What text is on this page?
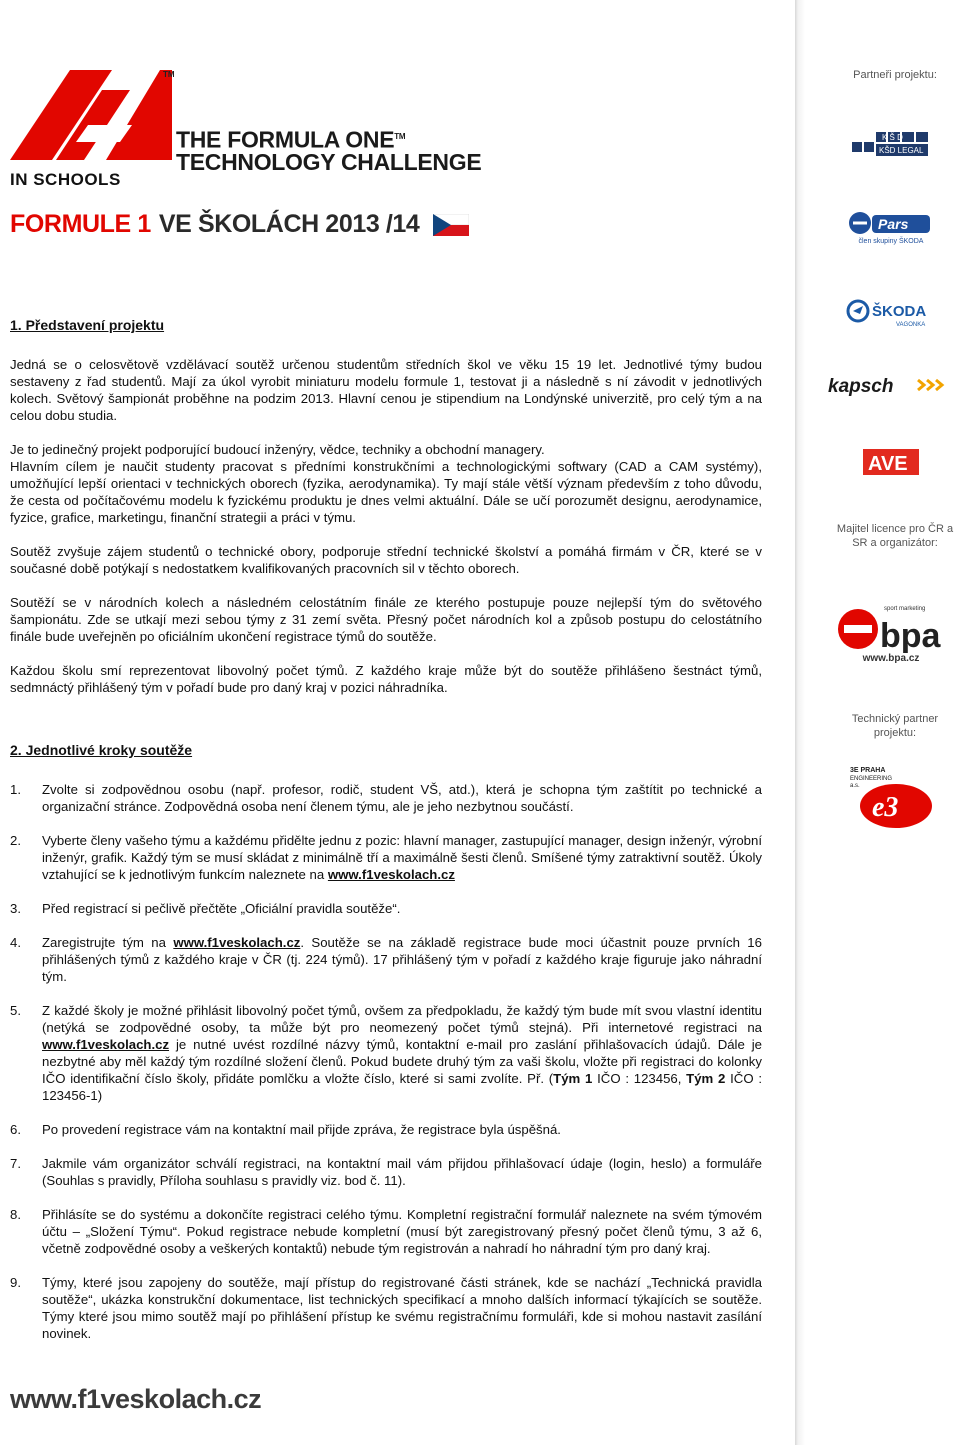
Partneři projektu:
K Š D
KŠD LEGAL
Pars
člen skupiny ŠKODA
ŠKODA
VAGONKA
kapsch
AVE
Majitel licence pro ČR a SR a organizátor:
sport marketing
bpa
www.bpa.cz
Technický partner projektu:
3E PRAHA
ENGINEERING
a.s.
e3
TM
IN SCHOOLS
THE FORMULA ONE™
TECHNOLOGY CHALLENGE
FORMULE 1 VE ŠKOLÁCH 2013 /14
1. Představení projektu

Jedná se o celosvětově vzdělávací soutěž určenou studentům středních škol ve věku 15 19 let. Jednotlivé týmy budou sestaveny z řad studentů. Mají za úkol vyrobit miniaturu modelu formule 1, testovat ji a následně s ní závodit v jednotlivých kolech. Světový šampionát proběhne na podzim 2013. Hlavní cenou je stipendium na Londýnské univerzitě, pro celý tým a na celou dobu studia.

Je to jedinečný projekt podporující budoucí inženýry, vědce, techniky a obchodní managery.

Hlavním cílem je naučit studenty pracovat s předními konstrukčními a technologickými softwary (CAD a CAM systémy), umožňující lepší orientaci v technických oborech (fyzika, aerodynamika). Ty mají stále větší význam především z toho důvodu, že cesta od počítačovému modelu k fyzickému produktu je dnes velmi aktuální. Dále se učí porozumět designu, aerodynamice, fyzice, grafice, marketingu, finanční strategii a práci v týmu.

Soutěž zvyšuje zájem studentů o technické obory, podporuje střední technické školství a pomáhá firmám v ČR, které se v současné době potýkají s nedostatkem kvalifikovaných pracovních sil v těchto oborech.

Soutěží se v národních kolech a následném celostátním finále ze kterého postupuje pouze nejlepší tým do světového šampionátu. Zde se utkají mezi sebou týmy z 31 zemí světa. Přesný počet národních kol a způsob postupu do celostátního finále bude uveřejněn po oficiálním ukončení registrace týmů do soutěže.

Každou školu smí reprezentovat libovolný počet týmů. Z každého kraje může být do soutěže přihlášeno šestnáct týmů, sedmnáctý přihlášený tým v pořadí bude pro daný kraj v pozici náhradníka.

2. Jednotlivé kroky soutěže
1.	Zvolte si zodpovědnou osobu (např. profesor, rodič, student VŠ, atd.), která je schopna tým zaštítit po technické a organizační stránce. Zodpovědná osoba není členem týmu, ale je jeho nezbytnou součástí.
2.	Vyberte členy vašeho týmu a každému přidělte jednu z pozic: hlavní manager, zastupující manager, design inženýr, výrobní inženýr, grafik. Každý tým se musí skládat z minimálně tří a maximálně šesti členů. Smíšené týmy zatraktivní soutěž. Úkoly vztahující se k jednotlivým funkcím naleznete na www.f1veskolach.cz
3.	Před registrací si pečlivě přečtěte „Oficiální pravidla soutěže“.
4.	Zaregistrujte tým na www.f1veskolach.cz. Soutěže se na základě registrace bude moci účastnit pouze prvních 16 přihlášených týmů z každého kraje v ČR (tj. 224 týmů). 17 přihlášený tým v pořadí z každého kraje figuruje jako náhradní tým.
5.	Z každé školy je možné přihlásit libovolný počet týmů, ovšem za předpokladu, že každý tým bude mít svou vlastní identitu (netýká se zodpovědné osoby, ta může být pro neomezený počet týmů stejná). Při internetové registraci na www.f1veskolach.cz je nutné uvést rozdílné názvy týmů, kontaktní e-mail pro zaslání přihlašovacích údajů. Dále je nezbytné aby měl každý tým rozdílné složení členů. Pokud budete druhý tým za vaši školu, vložte při registraci do kolonky IČO identifikační číslo školy, přidáte pomlčku a vložte číslo, které si sami zvolíte. Př. (Tým 1 IČO : 123456, Tým 2 IČO : 123456-1)
6.	Po provedení registrace vám na kontaktní mail přijde zpráva, že registrace byla úspěšná.
7.	Jakmile vám organizátor schválí registraci, na kontaktní mail vám přijdou přihlašovací údaje (login, heslo) a formuláře (Souhlas s pravidly, Příloha souhlasu s pravidly viz. bod č. 11).
8.	Přihlásíte se do systému a dokončíte registraci celého týmu. Kompletní registrační formulář naleznete na svém týmovém účtu – „Složení Týmu“. Pokud registrace nebude kompletní (musí být zaregistrovaný přesný počet členů týmu, 3 až 6, včetně zodpovědné osoby a veškerých kontaktů) nebude tým registrován a nahradí ho náhradní tým pro daný kraj.
9.	Týmy, které jsou zapojeny do soutěže, mají přístup do registrované části stránek, kde se nachází „Technická pravidla soutěže“, ukázka konstrukční dokumentace, list technických specifikací a mnoho dalších informací týkajících se soutěže. Týmy které jsou mimo soutěž mají po přihlášení přístup ke svému registračnímu formuláři, kde si mohou nastavit zasílání novinek.
www.f1veskolach.cz
